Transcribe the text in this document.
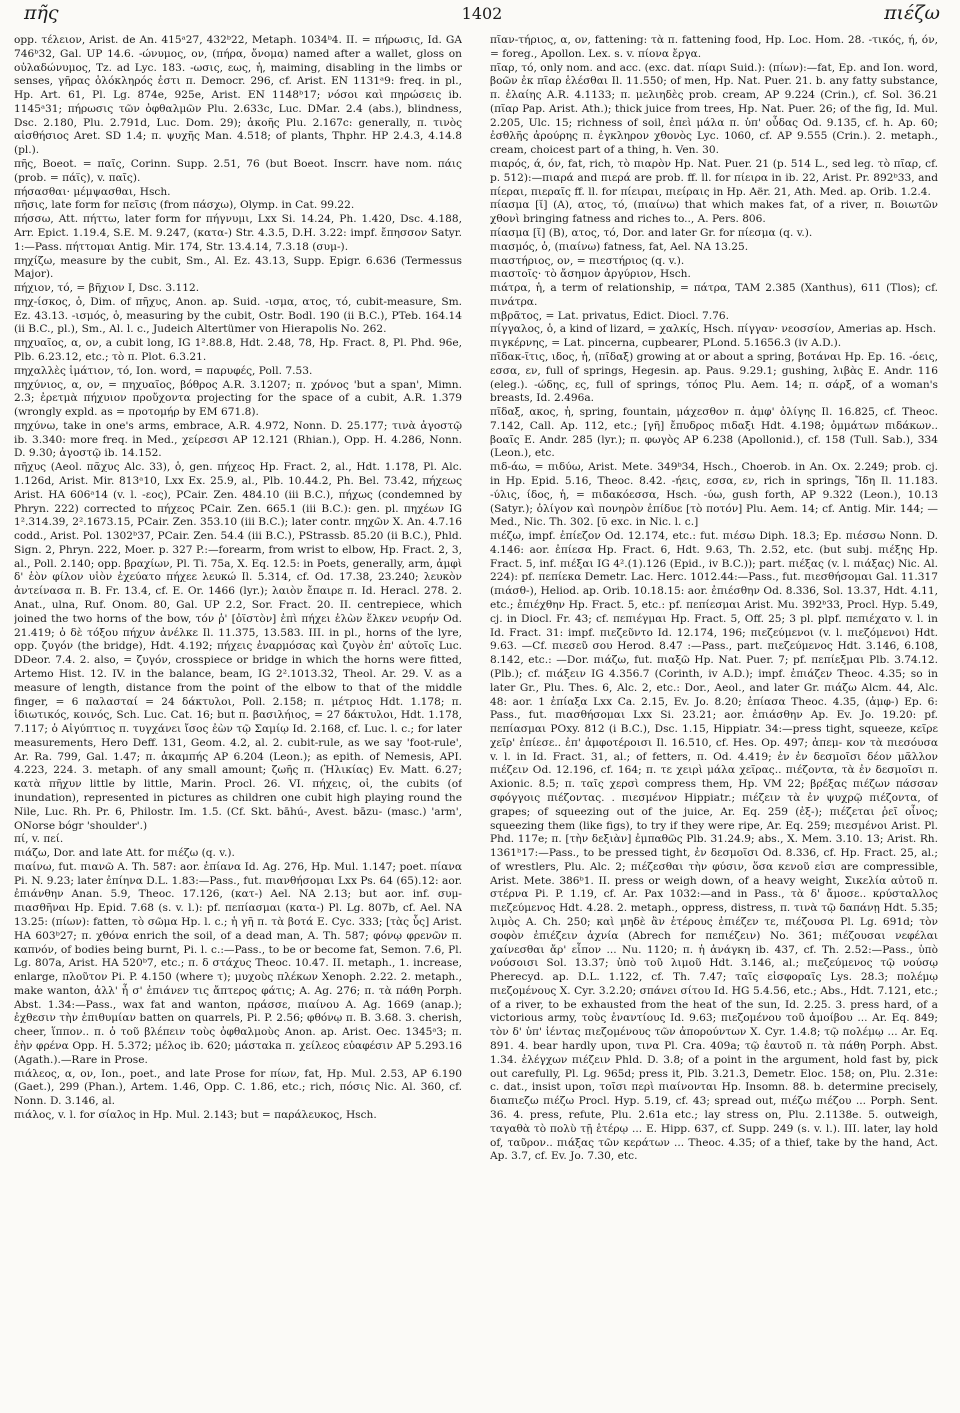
πῆς	1402	πιέζω

opp. τέλειον, Arist. de An. 415ᵃ27, 432ᵇ22, Metaph. 1034ᵇ4. II. = πήρωσις, Id. GA 746ᵇ32, Gal. UP 14.6. -ώνυμος, ον, (πήρα, ὄνομα) named after a wallet, gloss on οὐλαδώνυμος, Tz. ad Lyc. 183. -ωσις, εως, ἡ, maiming, disabling in the limbs or senses, γῆρας ὁλόκληρός ἐστι π. Democr. 296, cf. Arist. EN 1131ᵃ9: freq. in pl., Hp. Art. 61, Pl. Lg. 874e, 925e, Arist. EN 1148ᵇ17; νόσοι καὶ πηρώσεις ib. 1145ᵃ31; πήρωσις τῶν ὀφθαλμῶν Plu. 2.633c, Luc. DMar. 2.4 (abs.), blindness, Dsc. 2.180, Plu. 2.791d, Luc. Dom. 29); ἀκοῆς Plu. 2.167c: generally, π. τινὸς αἰσθήσιος Aret. SD 1.4; π. ψυχῆς Man. 4.518; of plants, Thphr. HP 2.4.3, 4.14.8 (pl.).

πῆς, Boeot. = παῖς, Corinn. Supp. 2.51, 76 (but Boeot. Inscrr. have nom. πάις (prob. = πάϊς), v. παῖς).

πήσασθαι· μέμψασθαι, Hsch.

πῆσις, late form for πεῖσις (from πάσχω), Olymp. in Cat. 99.22.

πήσσω, Att. πήττω, later form for πήγνυμι, Lxx Si. 14.24, Ph. 1.420, Dsc. 4.188, Arr. Epict. 1.19.4, S.E. M. 9.247, (κατα-) Str. 4.3.5, D.H. 3.22: impf. ἔπησσον Satyr. 1:—Pass. πήττομαι Antig. Mir. 174, Str. 13.4.14, 7.3.18 (συμ-).

πηχίζω, measure by the cubit, Sm., Al. Ez. 43.13, Supp. Epigr. 6.636 (Termessus Major).

πήχιον, τό, = βῆχιον I, Dsc. 3.112.

πηχ-ίσκος, ὁ, Dim. of πῆχυς, Anon. ap. Suid. -ισμα, ατος, τό, cubit-measure, Sm. Ez. 43.13. -ισμός, ὁ, measuring by the cubit, Ostr. Bodl. 190 (ii B.C.), PTeb. 164.14 (ii B.C., pl.), Sm., Al. l. c., Judeich Altertümer von Hierapolis No. 262.

πηχυαῖος, α, ον, a cubit long, IG 1².88.8, Hdt. 2.48, 78, Hp. Fract. 8, Pl. Phd. 96e, Plb. 6.23.12, etc.; τὸ π. Plot. 6.3.21.

πηχαλλὲς ἱμάτιον, τό, Ion. word, = παρυφές, Poll. 7.53.

πηχύνιος, α, ον, = πηχυαῖος, βόθρος A.R. 3.1207; π. χρόνος 'but a span', Mimn. 2.3; ἐρετμὰ πήχυιον προὔχοντα projecting for the space of a cubit, A.R. 1.379 (wrongly expld. as = προτομήρ by EM 671.8).

πηχύνω, take in one's arms, embrace, A.R. 4.972, Nonn. D. 25.177; τινὰ ἀγοστῷ ib. 3.340: more freq. in Med., χείρεσσι AP 12.121 (Rhian.), Opp. H. 4.286, Nonn. D. 9.30; ἀγοστῷ ib. 14.152.

πῆχυς (Aeol. πᾶχυς Alc. 33), ὁ, gen. πήχεος Hp. Fract. 2, al., Hdt. 1.178, Pl. Alc. 1.126d, Arist. Mir. 813ᵃ10, Lxx Ex. 25.9, al., Plb. 10.44.2, Ph. Bel. 73.42, πήχεως Arist. HA 606ᵃ14 (v. l. -εος), PCair. Zen. 484.10 (iii B.C.), πήχως (condemned by Phryn. 222) corrected to πήχεος PCair. Zen. 665.1 (iii B.C.): gen. pl. πηχέων IG 1².314.39, 2².1673.15, PCair. Zen. 353.10 (iii B.C.); later contr. πηχῶν X. An. 4.7.16 codd., Arist. Pol. 1302ᵇ37, PCair. Zen. 54.4 (iii B.C.), PStrassb. 85.20 (ii B.C.), Phld. Sign. 2, Phryn. 222, Moer. p. 327 P.:—forearm, from wrist to elbow, Hp. Fract. 2, 3, al., Poll. 2.140; opp. βραχίων, Pl. Ti. 75a, X. Eq. 12.5: in Poets, generally, arm, ἀμφὶ δ' ἑὸν φίλον υἱὸν ἐχεύατο πήχεε λευκώ Il. 5.314, cf. Od. 17.38, 23.240; λευκὸν ἀντείνασα π. B. Fr. 13.4, cf. E. Or. 1466 (lyr.); λαιὸν ἔπαιρε π. Id. Heracl. 278. 2. Anat., ulna, Ruf. Onom. 80, Gal. UP 2.2, Sor. Fract. 20. II. centrepiece, which joined the two horns of the bow, τόν ῥ' [ὀϊστὸν] ἐπὶ πήχει ἑλὼν ἕλκεν νευρήν Od. 21.419; ὁ δὲ τόξου πήχυν ἀνέλκε Il. 11.375, 13.583. III. in pl., horns of the lyre, opp. ζυγόν (the bridge), Hdt. 4.192; πήχεις ἐναρμόσας καὶ ζυγὸν ἐπ' αὐτοῖς Luc. DDeor. 7.4. 2. also, = ζυγόν, crosspiece or bridge in which the horns were fitted, Artemo Hist. 12. IV. in the balance, beam, IG 2².1013.32, Theol. Ar. 29. V. as a measure of length, distance from the point of the elbow to that of the middle finger, = 6 παλασταί = 24 δάκτυλοι, Poll. 2.158; π. μέτριος Hdt. 1.178; π. ἰδιωτικός, κοινός, Sch. Luc. Cat. 16; but π. βασιλήιος, = 27 δάκτυλοι, Hdt. 1.178, 7.117; ὁ Αἰγύπτιος π. τυγχάνει ἴσος ἐὼν τῷ Σαμίῳ Id. 2.168, cf. Luc. l. c.; for later measurements, Hero Deff. 131, Geom. 4.2, al. 2. cubit-rule, as we say 'foot-rule', Ar. Ra. 799, Gal. 1.47; π. ἀκαμπής AP 6.204 (Leon.); as epith. of Nemesis, API. 4.223, 224. 3. metaph. of any small amount; ζωῆς π. (Ἠλικίας) Ev. Matt. 6.27; κατὰ πῆχυν little by little, Marin. Procl. 26. VI. πήχεις, οἱ, the cubits (of inundation), represented in pictures as children one cubit high playing round the Nile, Luc. Rh. Pr. 6, Philostr. Im. 1.5. (Cf. Skt. bāhú-, Avest. bāzu- (masc.) 'arm', ONorse bógr 'shoulder'.)

πί, v. πεί.

πιάζω, Dor. and late Att. for πιέζω (q. v.).

πιαίνω, fut. πιανῶ A. Th. 587: aor. ἐπίανα Id. Ag. 276, Hp. Mul. 1.147; poet. πίανα Pi. N. 9.23; later ἐπίηνα D.L. 1.83:—Pass., fut. πιανθήσομαι Lxx Ps. 64 (65).12: aor. ἐπιάνθην Anan. 5.9, Theoc. 17.126, (κατ-) Ael. NA 2.13; but aor. inf. συμ-πιασθῆναι Hp. Epid. 7.68 (s. v. l.): pf. πεπίασμαι (κατα-) Pl. Lg. 807b, cf. Ael. NA 13.25: (πίων): fatten, τὸ σῶμα Hp. l. c.; ἡ γῆ π. τὰ βοτά E. Cyc. 333; [τὰς ὗς] Arist. HA 603ᵇ27; π. χθόνα enrich the soil, of a dead man, A. Th. 587; φόνῳ φρενῶν π. καπνόν, of bodies being burnt, Pi. l. c.:—Pass., to be or become fat, Semon. 7.6, Pl. Lg. 807a, Arist. HA 520ᵇ7, etc.; π. δ στάχυς Theoc. 10.47. II. metaph., 1. increase, enlarge, πλοῦτον Pi. P. 4.150 (where τ); μυχοὺς πλέκων Xenoph. 2.22. 2. metaph., make wanton, ἀλλ' ἦ σ' ἐπιάνεν τις ἄπτερος φάτις; A. Ag. 276; π. τὰ πάθη Porph. Abst. 1.34:—Pass., wax fat and wanton, πράσσε, πιαίνου A. Ag. 1669 (anap.); ἐχθεσιν τὴν ἐπιθυμίαν batten on quarrels, Pi. P. 2.56; φθόνῳ π. B. 3.68. 3. cherish, cheer, ἵππον.. π. ὁ τοῦ βλέπειν τοὺς ὀφθαλμοὺς Anon. ap. Arist. Oec. 1345ᵃ3; π. ἐὴν φρένα Opp. H. 5.372; μέλος ib. 620; μάσταka π. χείλεος εὐαφέσιν AP 5.293.16 (Agath.).—Rare in Prose.

πιάλεος, α, ον, Ion., poet., and late Prose for πίων, fat, Hp. Mul. 2.53, AP 6.190 (Gaet.), 299 (Phan.), Artem. 1.46, Opp. C. 1.86, etc.; rich, πόσις Nic. Al. 360, cf. Nonn. D. 3.146, al.

πιάλος, v. l. for σίαλος in Hp. Mul. 2.143; but = παράλευκος, Hsch.

πῖαν-τήριος, α, ον, fattening: τὰ π. fattening food, Hp. Loc. Hom. 28. -τικός, ή, όν, = foreg., Apollon. Lex. s. v. πίονα ἔργα.

πῖαρ, τό, only nom. and acc. (exc. dat. πίαρι Suid.): (πίων):—fat, Ep. and Ion. word, βοῶν ἐκ πῖαρ ἑλέσθαι Il. 11.550; of men, Hp. Nat. Puer. 21. b. any fatty substance, π. ἐλαίης A.R. 4.1133; π. μελιηδὲς prob. cream, AP 9.224 (Crin.), cf. Sol. 36.21 (πῖαρ Pap. Arist. Ath.); thick juice from trees, Hp. Nat. Puer. 26; of the fig, Id. Mul. 2.205, Ulc. 15; richness of soil, ἐπεὶ μάλα π. ὑπ' οὖδας Od. 9.135, cf. h. Ap. 60; ἐσθλῆς ἀρούρης π. ἐγκληρον χθονὸς Lyc. 1060, cf. AP 9.555 (Crin.). 2. metaph., cream, choicest part of a thing, h. Ven. 30.

πιαρός, ά, όν, fat, rich, τὸ πιαρὸν Hp. Nat. Puer. 21 (p. 514 L., sed leg. τὸ πῖαρ, cf. p. 512):—πιαρά and πιερά are prob. ff. ll. for πίειρα in ib. 22, Arist. Pr. 892ᵇ33, and πίεραι, πιεραῖς ff. ll. for πίειραι, πιείραις in Hp. Aër. 21, Ath. Med. ap. Orib. 1.2.4.

πίασμα [ῐ] (A), ατος, τό, (πιαίνω) that which makes fat, of a river, π. Βοιωτῶν χθονὶ bringing fatness and riches to.., A. Pers. 806.

πίασμα [ῐ] (B), ατος, τό, Dor. and later Gr. for πίεσμα (q. v.).

πιασμός, ὁ, (πιαίνω) fatness, fat, Ael. NA 13.25.

πιαστήριος, ον, = πιεστήριος (q. v.).

πιαστοῖς· τὸ ἄσημον ἀργύριον, Hsch.

πιάτρα, ἡ, a term of relationship, = πάτρα, TAM 2.385 (Xanthus), 611 (Tlos); cf. πινάτρα.

πιβρᾶτος, = Lat. privatus, Edict. Diocl. 7.76.

πίγγαλος, ὁ, a kind of lizard, = χαλκίς, Hsch. πίγγαν· νεοσσίον, Amerias ap. Hsch.

πιγκέρνης, = Lat. pincerna, cupbearer, PLond. 5.1656.3 (iv A.D.).

πῖδακ-ῖτις, ιδος, ἡ, (πῖδαξ) growing at or about a spring, βοτάναι Hp. Ep. 16. -όεις, εσσα, εν, full of springs, Hegesin. ap. Paus. 9.29.1; gushing, λιβὰς E. Andr. 116 (eleg.). -ώδης, ες, full of springs, τόπος Plu. Aem. 14; π. σάρξ, of a woman's breasts, Id. 2.496a.

πῖδαξ, ακος, ἡ, spring, fountain, μάχεσθον π. ἀμφ' ὀλίγης Il. 16.825, cf. Theoc. 7.142, Call. Ap. 112, etc.; [γῆ] ἔπυδρος πιδαξι Hdt. 4.198; ὀμμάτων πιδάκων.. βοαῖς E. Andr. 285 (lyr.); π. φωγὸς AP 6.238 (Apollonid.), cf. 158 (Tull. Sab.), 334 (Leon.), etc.

πιδ-άω, = πιδύω, Arist. Mete. 349ᵇ34, Hsch., Choerob. in An. Ox. 2.249; prob. cj. in Hp. Epid. 5.16, Theoc. 8.42. -ήεις, εσσα, εν, rich in springs, Ἴδη Il. 11.183. -ύλις, ίδος, ἡ, = πιδακόεσσα, Hsch. -ύω, gush forth, AP 9.322 (Leon.), 10.13 (Satyr.); ὀλίγον καὶ πονηρὸν ἐπίδυε [τὸ ποτόν] Plu. Aem. 14; cf. Antig. Mir. 144; —Med., Nic. Th. 302. [ῡ exc. in Nic. l. c.]

πιέζω, impf. ἐπίεζον Od. 12.174, etc.: fut. πιέσω Diph. 18.3; Ep. πιέσσω Nonn. D. 4.146: aor. ἐπίεσα Hp. Fract. 6, Hdt. 9.63, Th. 2.52, etc. (but subj. πιέξης Hp. Fract. 5, inf. πιέξαι IG 4².(1).126 (Epid., iv B.C.)); part. πιέξας (v. l. πιάξας) Nic. Al. 224): pf. πεπίεκα Demetr. Lac. Herc. 1012.44:—Pass., fut. πιεσθήσομαι Gal. 11.317 (πιάσθ-), Heliod. ap. Orib. 10.18.15: aor. ἐπιέσθην Od. 8.336, Sol. 13.37, Hdt. 4.11, etc.; ἐπιέχθην Hp. Fract. 5, etc.: pf. πεπίεσμαι Arist. Mu. 392ᵇ33, Procl. Hyp. 5.49, cj. in Diocl. Fr. 43; cf. πεπιέγμαι Hp. Fract. 5, Off. 25; 3 pl. plpf. πεπιέχατο v. l. in Id. Fract. 31: impf. πιεζεῦντο Id. 12.174, 196; πιεζεύμενοι (v. l. πιεζόμενοι) Hdt. 9.63. —Cf. πιεσεῦ σου Herod. 8.47 :—Pass., part. πιεζεύμενος Hdt. 3.146, 6.108, 8.142, etc.: —Dor. πιάζω, fut. πιαξῶ Hp. Nat. Puer. 7; pf. πεπίεξμαι Plb. 3.74.12. (Plb.); cf. πιάξειν IG 4.356.7 (Corinth, iv A.D.); impf. ἐπιάζεν Theoc. 4.35; so in later Gr., Plu. Thes. 6, Alc. 2, etc.: Dor., Aeol., and later Gr. πιάζω Alcm. 44, Alc. 48: aor. 1 ἐπίαξα Lxx Ca. 2.15, Ev. Jo. 8.20; ἐπίασα Theoc. 4.35, (ἀμφ-) Ep. 6: Pass., fut. πιασθήσομαι Lxx Si. 23.21; aor. ἐπιάσθην Ap. Ev. Jo. 19.20: pf. πεπίασμαι POxy. 812 (i B.C.), Dsc. 1.15, Hippiatr. 34:—press tight, squeeze, κεῖρε χεῖρ' ἐπίεσε.. ἐπ' ἀμφοτέροισι Il. 16.510, cf. Hes. Op. 497; ἀπεμ- κον τὰ πιεσόυσα v. l. in Id. Fract. 31, al.; of fetters, π. Od. 4.419; ἐν ἐν δεσμοῖσι δέον μᾶλλον πιέζειν Od. 12.196, cf. 164; π. τε χειρὶ μάλα χεῖρας.. πιέζοντα, τὰ ἐν δεσμοῖσι π. Axionic. 8.5; π. ταῖς χερσὶ compress them, Hp. VM 22; βρέξας πιέζων πάσσαν σφόγγοις πιέζοντας. . πιεσμένον Hippiatr.; πιέζειν τὰ ἐν ψυχρῷ πιέζοντα, of grapes; of squeezing out of the juice, Ar. Eq. 259 (ἐξ-); πιέζεται ῥεῖ οἶνος; squeezing them (like figs), to try if they were ripe, Ar. Eq. 259; πιεσμένοι Arist. Pl. Phd. 117e; π. [τὴν δεξιὰν] ἐμπαθῶς Plb. 31.24.9; abs., X. Mem. 3.10. 13; Arist. Rh. 1361ᵇ17:—Pass., to be pressed tight, ἐν δεσμοῖσι Od. 8.336, cf. Hp. Fract. 25, al.; of wrestlers, Plu. Alc. 2; πιέζεσθαι τὴν φύσιν, ὅσα κενοῦ εἰσι are compressible, Arist. Mete. 386ᵇ1. II. press or weigh down, of a heavy weight, Σικελία αὐτοῦ π. στέρνα Pi. P. 1.19, cf. Ar. Pax 1032:—and in Pass., τὰ δ' ἄμοσε.. κρύσταλλος πιεζεύμενος Hdt. 4.28. 2. metaph., oppress, distress, π. τινὰ τῷ δαπάνῃ Hdt. 5.35; λιμὸς A. Ch. 250; καὶ μηδὲ ἂν ἑτέρους ἐπιέζεν τε, πιέζουσα Pl. Lg. 691d; τὸν σοφὸν ἐπιέζειν ἀχνία (Abrech for πεπιέζειν) No. 361; πιέζουσαι νεφέλαι χαίνεσθαι ἄρ' εἶπον ... Nu. 1120; π. ἡ ἀνάγκη ib. 437, cf. Th. 2.52:—Pass., ὑπὸ νούσοισι Sol. 13.37; ὑπὸ τοῦ λιμοῦ Hdt. 3.146, al.; πιεζεύμενος τῷ νούσῳ Pherecyd. ap. D.L. 1.122, cf. Th. 7.47; ταῖς εἰσφοραῖς Lys. 28.3; πολέμῳ πιεζομένους X. Cyr. 3.2.20; σπάνει σίτου Id. HG 5.4.56, etc.; Abs., Hdt. 7.121, etc.; of a river, to be exhausted from the heat of the sun, Id. 2.25. 3. press hard, of a victorious army, τοὺς ἐναντίους Id. 9.63; πιεζομένου τοῦ ἀμοίβου ... Ar. Eq. 849; τὸν δ' ὑπ' ἰέντας πιεζομένους τῶν ἀπορούντων X. Cyr. 1.4.8; τῷ πολέμῳ ... Ar. Eq. 891. 4. bear hardly upon, τινα Pl. Cra. 409a; τῷ ἑαυτοῦ π. τὰ πάθη Porph. Abst. 1.34. ἐλέγχων πιέζειν Phld. D. 3.8; of a point in the argument, hold fast by, pick out carefully, Pl. Lg. 965d; press it, Plb. 3.21.3, Demetr. Eloc. 158; on, Plu. 2.31e: c. dat., insist upon, τοῖσι περὶ πιαίνονται Hp. Insomn. 88. b. determine precisely, διαπιεζω πιέζω Procl. Hyp. 5.19, cf. 43; spread out, πιέζω πιέζου ... Porph. Sent. 36. 4. press, refute, Plu. 2.61a etc.; lay stress on, Plu. 2.1138e. 5. outweigh, ταγαθὰ τὸ πολὺ τῇ ἑτέρῳ ... E. Hipp. 637, cf. Supp. 249 (s. v. l.). III. later, lay hold of, ταῦρον.. πιάξας τῶν κεράτων ... Theoc. 4.35; of a thief, take by the hand, Act. Ap. 3.7, cf. Ev. Jo. 7.30, etc.
